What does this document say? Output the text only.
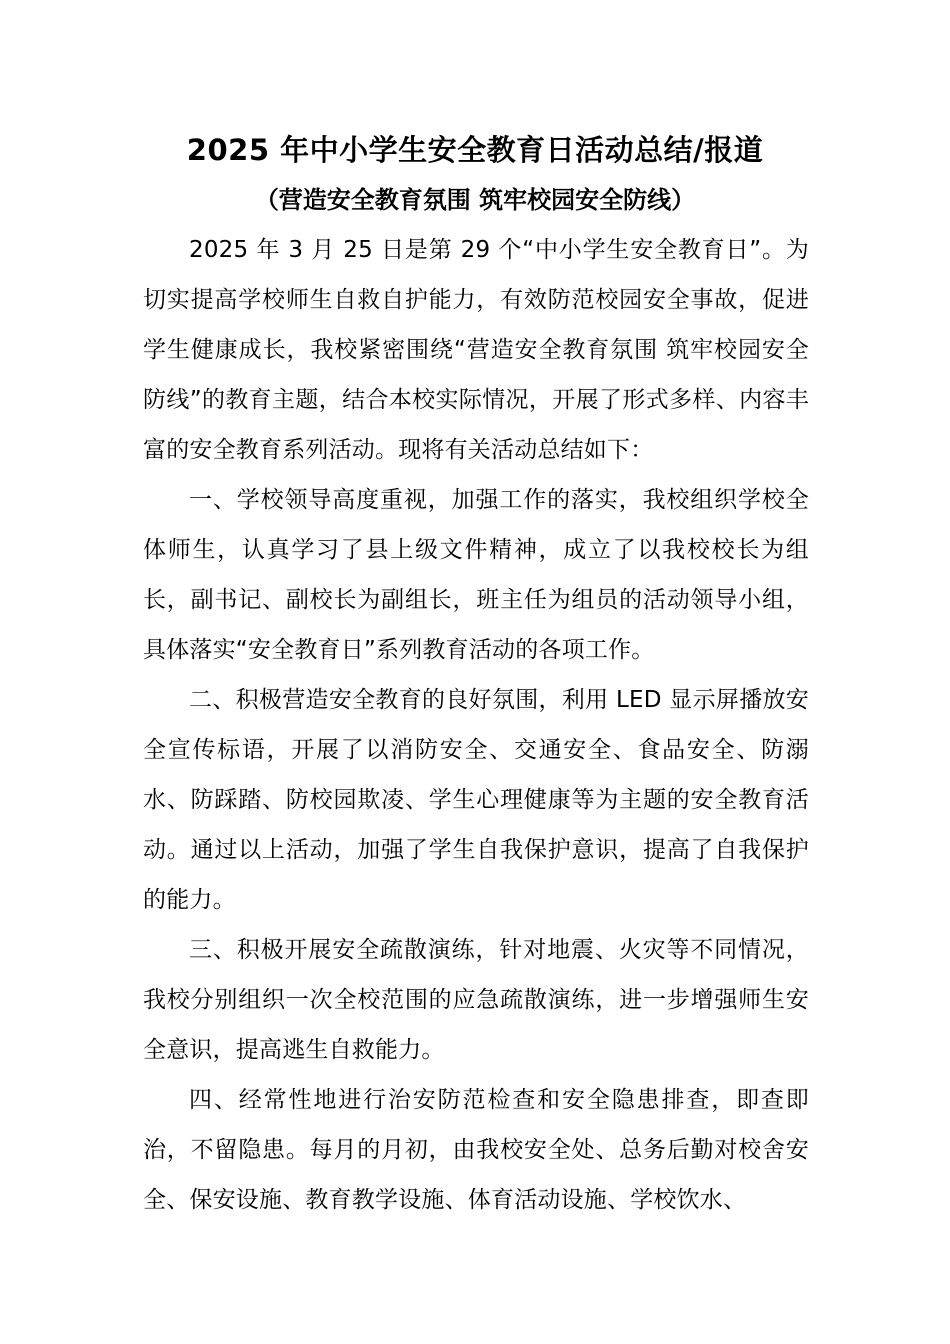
2025 年中小学生安全教育日活动总结/报道
（营造安全教育氛围 筑牢校园安全防线）

2025 年 3 月 25 日是第 29 个“中小学生安全教育日”。为切实提高学校师生自救自护能力，有效防范校园安全事故，促进学生健康成长，我校紧密围绕“营造安全教育氛围 筑牢校园安全防线”的教育主题，结合本校实际情况，开展了形式多样、内容丰富的安全教育系列活动。现将有关活动总结如下：

一、学校领导高度重视，加强工作的落实，我校组织学校全体师生，认真学习了县上级文件精神，成立了以我校校长为组长，副书记、副校长为副组长，班主任为组员的活动领导小组，具体落实“安全教育日”系列教育活动的各项工作。

二、积极营造安全教育的良好氛围，利用 LED 显示屏播放安全宣传标语，开展了以消防安全、交通安全、食品安全、防溺水、防踩踏、防校园欺凌、学生心理健康等为主题的安全教育活动。通过以上活动，加强了学生自我保护意识，提高了自我保护的能力。

三、积极开展安全疏散演练，针对地震、火灾等不同情况，我校分别组织一次全校范围的应急疏散演练，进一步增强师生安全意识，提高逃生自救能力。

四、经常性地进行治安防范检查和安全隐患排查，即查即治，不留隐患。每月的月初，由我校安全处、总务后勤对校舍安全、保安设施、教育教学设施、体育活动设施、学校饮水、
